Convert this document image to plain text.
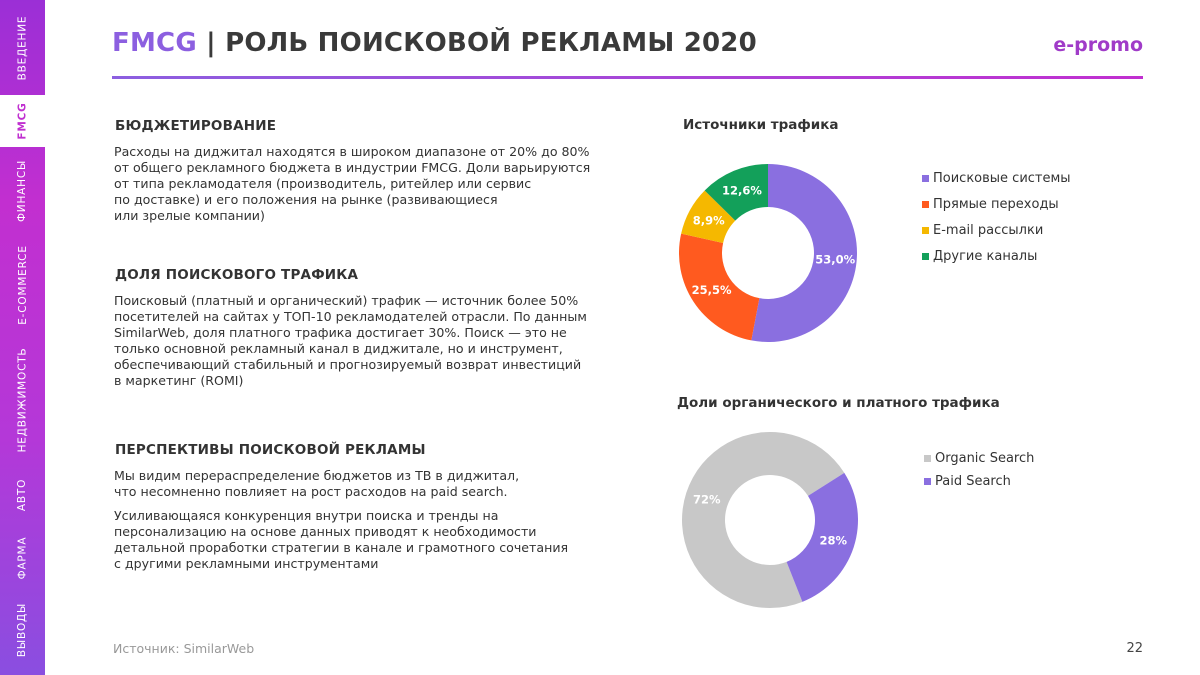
ВВЕДЕНИЕ
FMCG
ФИНАНСЫ
E-COMMERCE
НЕДВИЖИМОСТЬ
АВТО
ФАРМА
ВЫВОДЫ
FMCG | РОЛЬ ПОИСКОВОЙ РЕКЛАМЫ 2020	e-promo
БЮДЖЕТИРОВАНИЕ
Расходы на диджитал находятся в широком диапазоне от 20% до 80%
от общего рекламного бюджета в индустрии FMCG. Доли варьируются
от типа рекламодателя (производитель, ритейлер или сервис
по доставке) и его положения на рынке (развивающиеся
или зрелые компании)
ДОЛЯ ПОИСКОВОГО ТРАФИКА
Поисковый (платный и органический) трафик — источник более 50%
посетителей на сайтах у ТОП-10 рекламодателей отрасли. По данным
SimilarWeb, доля платного трафика достигает 30%. Поиск — это не
только основной рекламный канал в диджитале, но и инструмент,
обеспечивающий стабильный и прогнозируемый возврат инвестиций
в маркетинг (ROMI)
ПЕРСПЕКТИВЫ ПОИСКОВОЙ РЕКЛАМЫ
Мы видим перераспределение бюджетов из ТВ в диджитал,
что несомненно повлияет на рост расходов на paid search.
Усиливающаяся конкуренция внутри поиска и тренды на
персонализацию на основе данных приводят к необходимости
детальной проработки стратегии в канале и грамотного сочетания
с другими рекламными инструментами
Источники трафика
53,0%
25,5%
8,9%
12,6%
Поисковые системы
Прямые переходы
E-mail рассылки
Другие каналы
Доли органического и платного трафика
72%
28%
Organic Search
Paid Search
Источник: SimilarWeb	22
